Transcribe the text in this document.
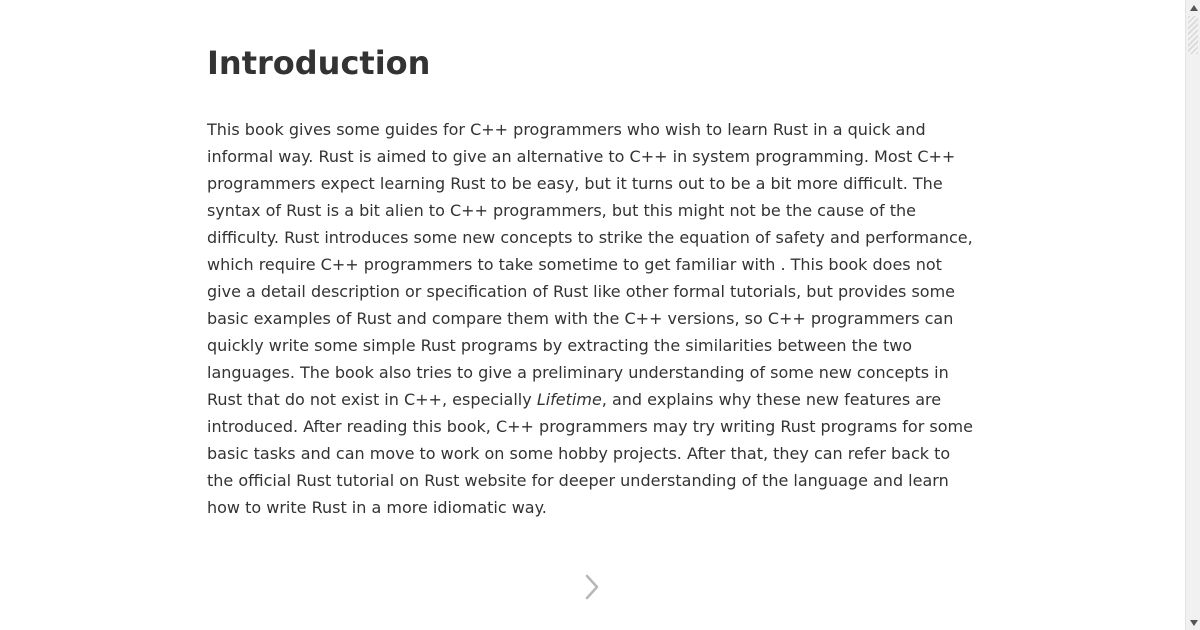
Introduction

This book gives some guides for C++ programmers who wish to learn Rust in a quick and informal way. Rust is aimed to give an alternative to C++ in system programming. Most C++ programmers expect learning Rust to be easy, but it turns out to be a bit more difficult. The syntax of Rust is a bit alien to C++ programmers, but this might not be the cause of the difficulty. Rust introduces some new concepts to strike the equation of safety and performance, which require C++ programmers to take sometime to get familiar with . This book does not give a detail description or specification of Rust like other formal tutorials, but provides some basic examples of Rust and compare them with the C++ versions, so C++ programmers can quickly write some simple Rust programs by extracting the similarities between the two languages. The book also tries to give a preliminary understanding of some new concepts in Rust that do not exist in C++, especially Lifetime, and explains why these new features are introduced. After reading this book, C++ programmers may try writing Rust programs for some basic tasks and can move to work on some hobby projects. After that, they can refer back to the official Rust tutorial on Rust website for deeper understanding of the language and learn how to write Rust in a more idiomatic way.
